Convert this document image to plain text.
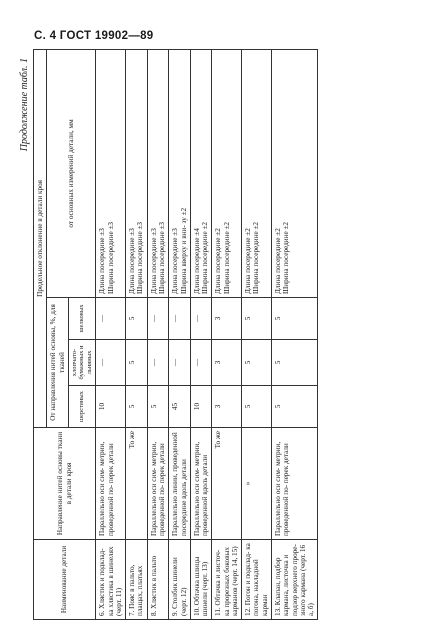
С. 4 ГОСТ 19902—89
Продолжение табл. 1
Наименование детали	Направление нитей основы ткани в детали кроя	Предельное отклонение в детали кроя			
		От направления нитей основы, %, для тканей			от основных измерений детали, мм
		шерстяных	хлопчато-бумажных и льняных	шелковых	
6. Хлястик и подклад- ка хлястика в шинелях (черт. 11)	Параллельно оси сим- метрии, проведенной по- перек детали	10	—	—	Длина посередине ±3 Ширина посередине ±3

7. Пояс в пальто, плащах, платьях	То же	5	5	5	Длина посередине ±3 Ширина посередине ±3

8. Хлястик в пальто	Параллельно оси сим- метрии, проведенной по- перек детали	5	—	—	Длина посередине ±3 Ширина посередине ±3

9. Столбик шинели (черт. 12)	Параллельно линии, проведенной посередине вдоль детали	45	—	—	Длина посередине ±3 Ширина вверху и вни- зу ±2

10. Обтачка шлицы шинели (черт. 13)	Параллельно оси сим- метрии, проведенной вдоль детали	10	—	—	Длина посередине ±4 Ширина посередине ±2

11. Обтачка и листоч- ка прорезных боковых карманов (черт. 14, 15)	То же	3	3	3	Длина посередине ±2 Ширина посередине ±2

12. Погон и подклад- ка погона, накладной карман	»	5	5	5	Длина посередине ±2 Ширина посередине ±2

13. Клапан, подбор кармана, листочка и подзор верхнего проре- зного кармана (черт. 16 а, б)	Параллельно оси сим- метрии, проведенной по- перек детали	5	5	5	Длина посередине ±2 Ширина посередине ±2
